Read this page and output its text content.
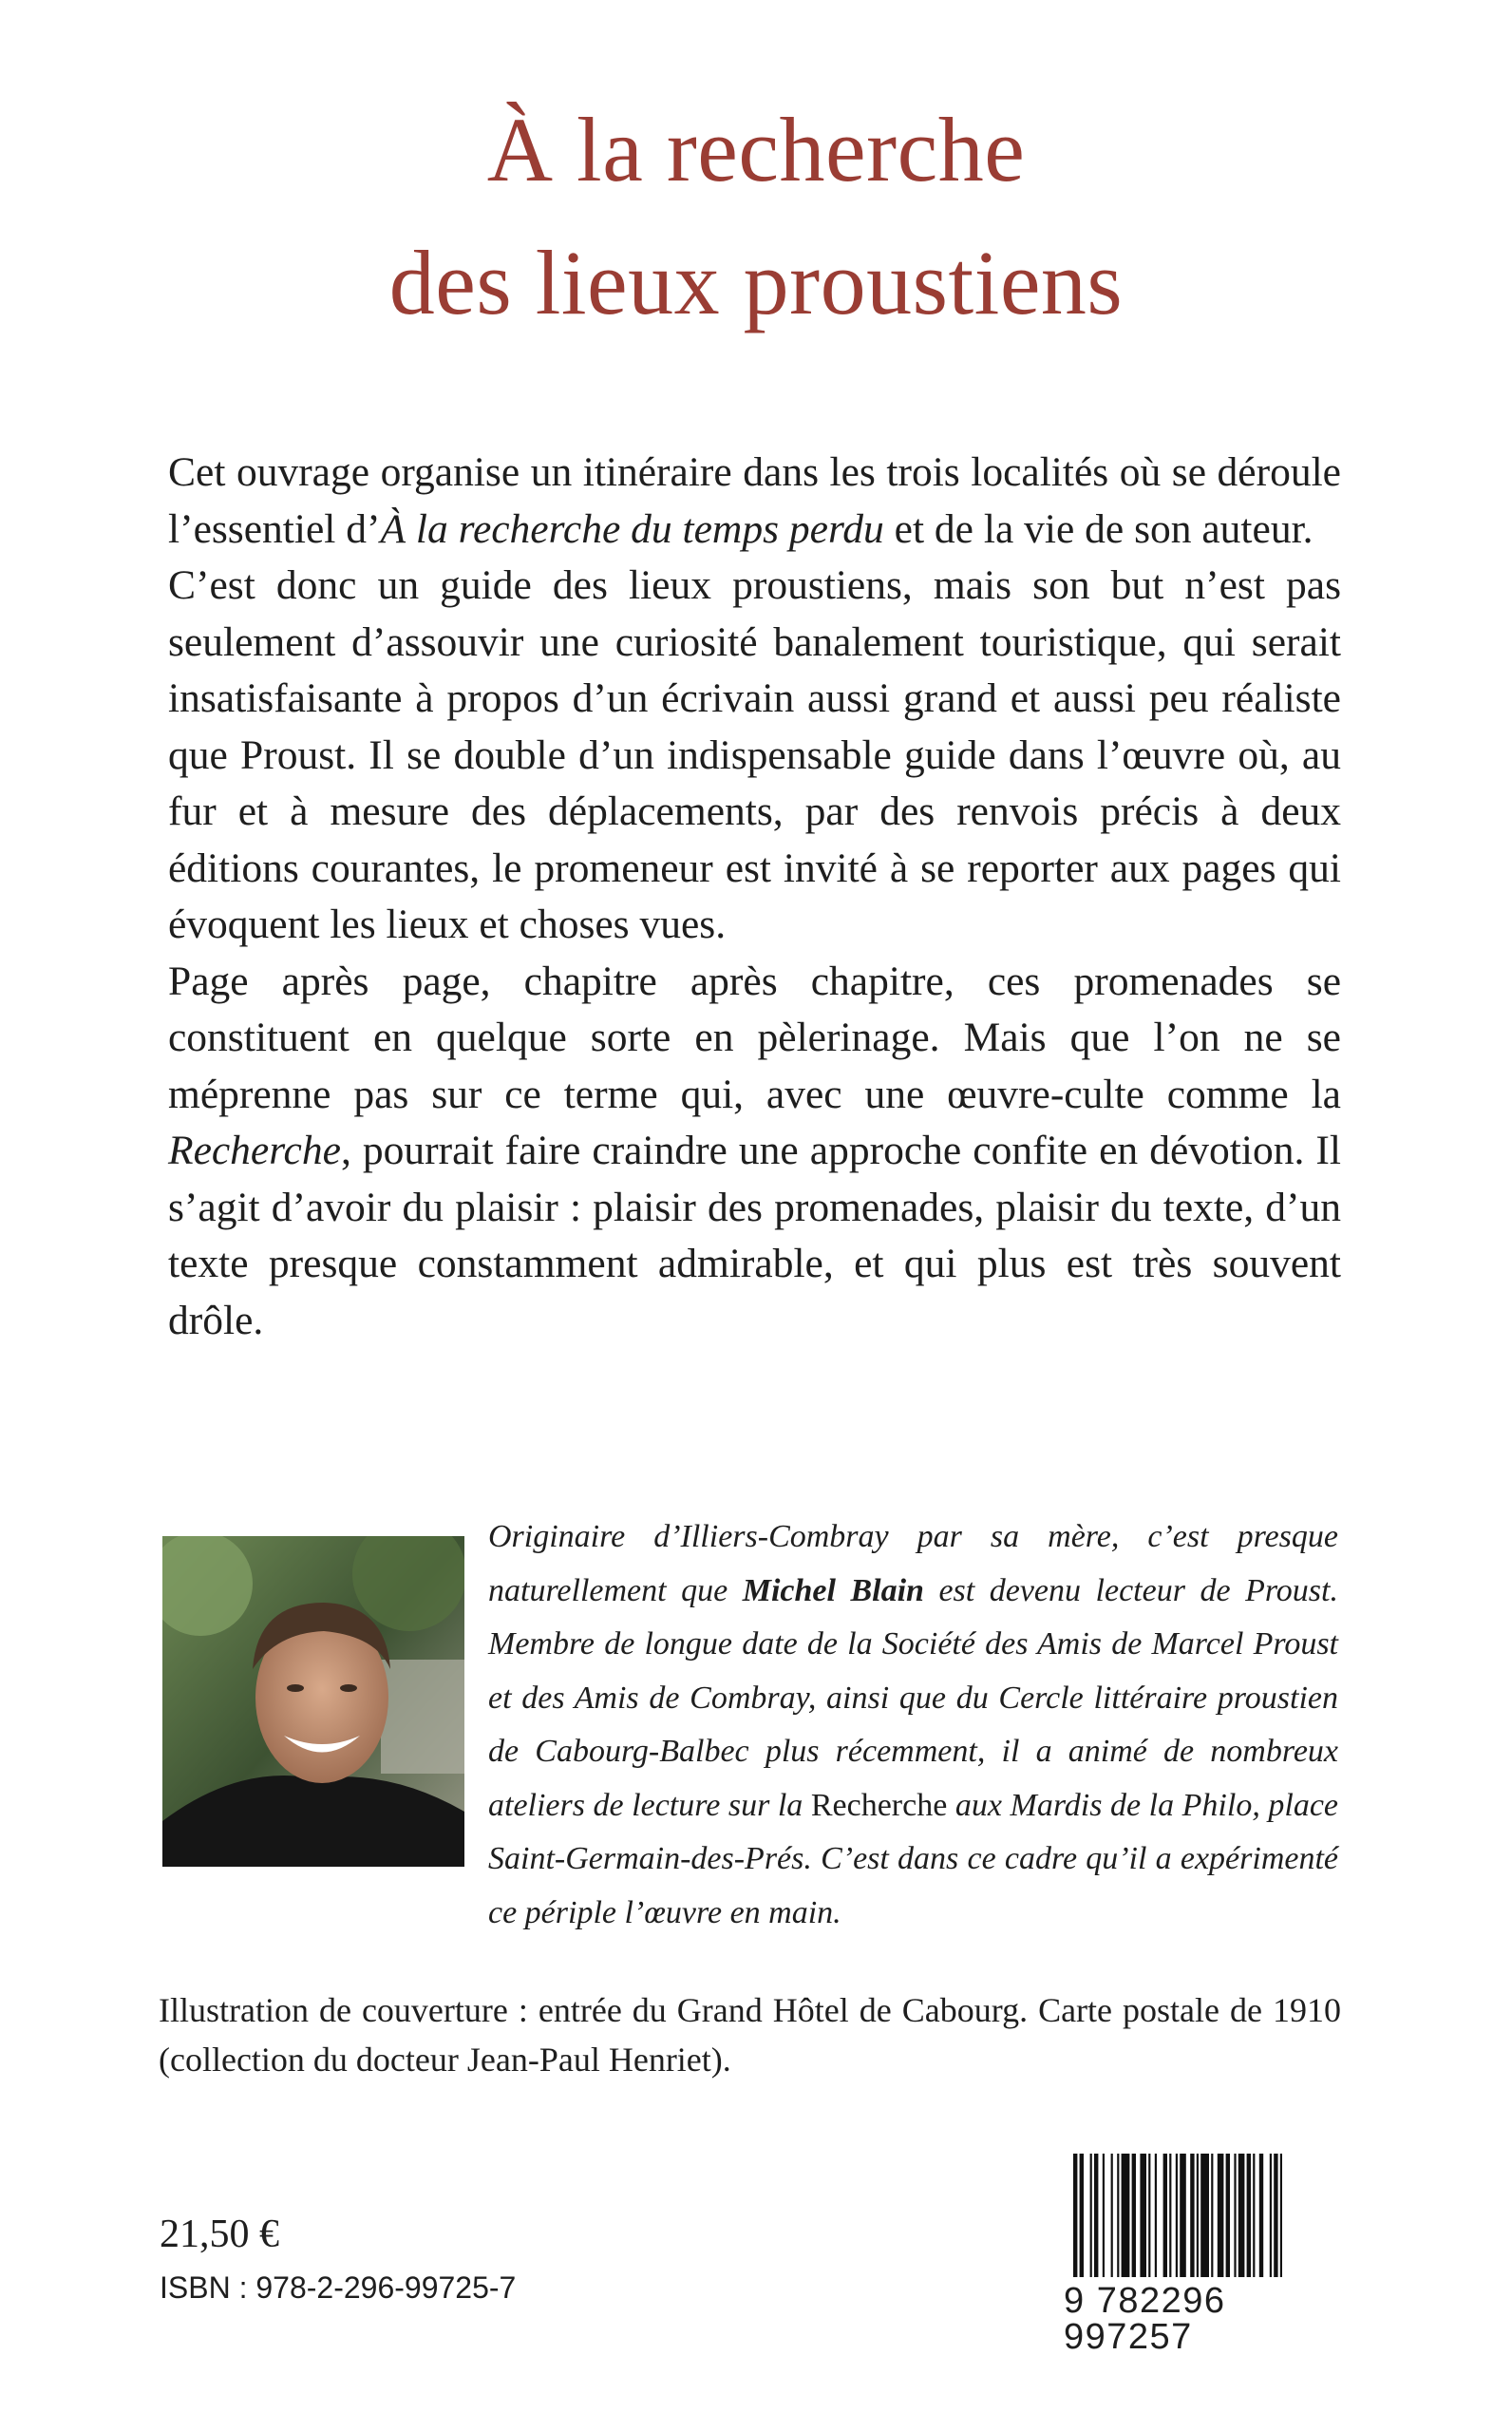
À la recherche
des lieux proustiens

Cet ouvrage organise un itinéraire dans les trois localités où se déroule l’essentiel d’À la recherche du temps perdu et de la vie de son auteur.

C’est donc un guide des lieux proustiens, mais son but n’est pas seulement d’assouvir une curiosité banalement touristique, qui serait insatisfaisante à propos d’un écrivain aussi grand et aussi peu réaliste que Proust. Il se double d’un indispensable guide dans l’œuvre où, au fur et à mesure des déplacements, par des renvois précis à deux éditions courantes, le promeneur est invité à se reporter aux pages qui évoquent les lieux et choses vues.

Page après page, chapitre après chapitre, ces promenades se constituent en quelque sorte en pèlerinage. Mais que l’on ne se méprenne pas sur ce terme qui, avec une œuvre-culte comme la Recherche, pourrait faire craindre une approche confite en dévotion. Il s’agit d’avoir du plaisir : plaisir des promenades, plaisir du texte, d’un texte presque constamment admirable, et qui plus est très souvent drôle.

Originaire d’Illiers-Combray par sa mère, c’est presque naturellement que Michel Blain est devenu lecteur de Proust. Membre de longue date de la Société des Amis de Marcel Proust et des Amis de Combray, ainsi que du Cercle littéraire proustien de Cabourg-Balbec plus récemment, il a animé de nombreux ateliers de lecture sur la Recherche aux Mardis de la Philo, place Saint-Germain-des-Prés. C’est dans ce cadre qu’il a expérimenté ce périple l’œuvre en main.
Illustration de couverture : entrée du Grand Hôtel de Cabourg. Carte postale de 1910 (collection du docteur Jean-Paul Henriet).
21,50 €
ISBN : 978-2-296-99725-7	9 782296 997257
